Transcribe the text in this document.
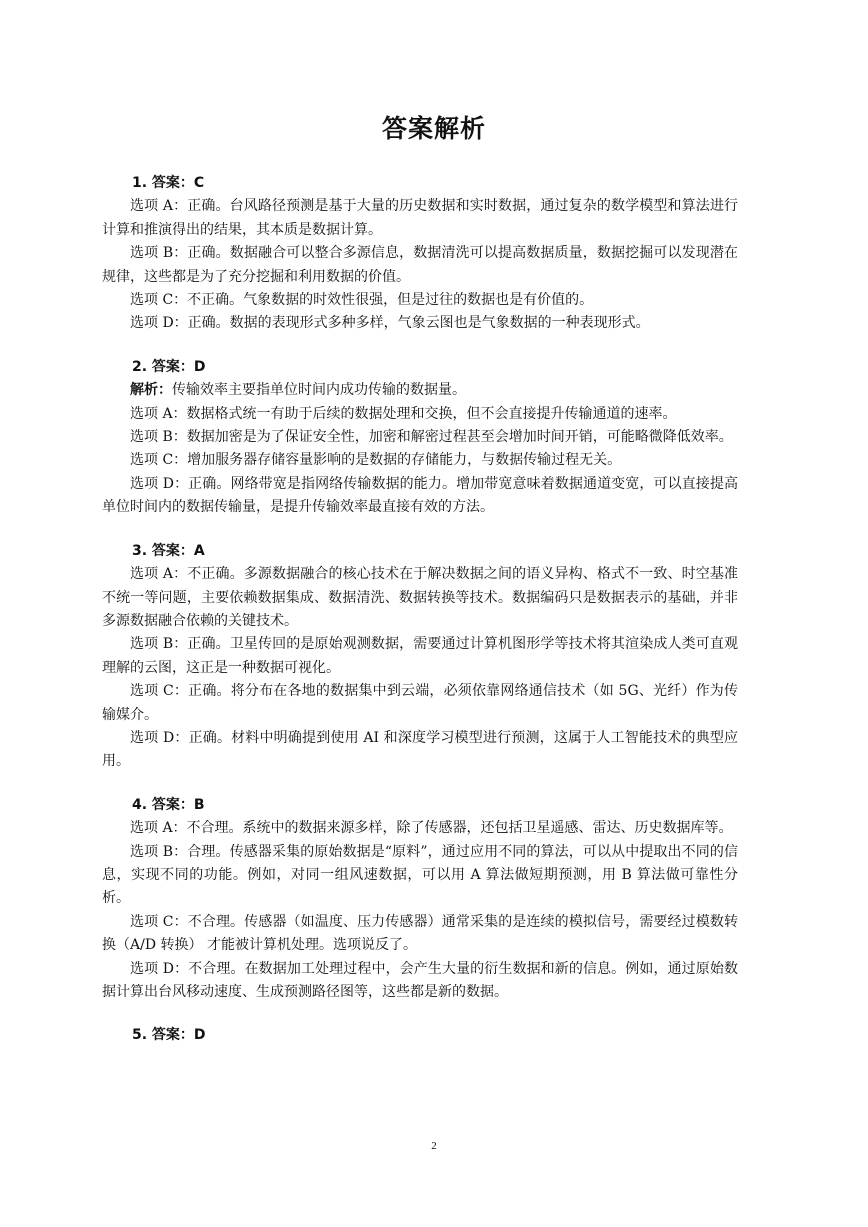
答案解析

1. 答案：C

选项 A：正确。台风路径预测是基于大量的历史数据和实时数据，通过复杂的数学模型和算法进行计算和推演得出的结果，其本质是数据计算。

选项 B：正确。数据融合可以整合多源信息，数据清洗可以提高数据质量，数据挖掘可以发现潜在规律，这些都是为了充分挖掘和利用数据的价值。

选项 C：不正确。气象数据的时效性很强，但是过往的数据也是有价值的。

选项 D：正确。数据的表现形式多种多样，气象云图也是气象数据的一种表现形式。

2. 答案：D

解析：传输效率主要指单位时间内成功传输的数据量。

选项 A：数据格式统一有助于后续的数据处理和交换，但不会直接提升传输通道的速率。

选项 B：数据加密是为了保证安全性，加密和解密过程甚至会增加时间开销，可能略微降低效率。

选项 C：增加服务器存储容量影响的是数据的存储能力，与数据传输过程无关。

选项 D：正确。网络带宽是指网络传输数据的能力。增加带宽意味着数据通道变宽，可以直接提高单位时间内的数据传输量，是提升传输效率最直接有效的方法。

3. 答案：A

选项 A：不正确。多源数据融合的核心技术在于解决数据之间的语义异构、格式不一致、时空基准不统一等问题，主要依赖数据集成、数据清洗、数据转换等技术。数据编码只是数据表示的基础，并非多源数据融合依赖的关键技术。

选项 B：正确。卫星传回的是原始观测数据，需要通过计算机图形学等技术将其渲染成人类可直观理解的云图，这正是一种数据可视化。

选项 C：正确。将分布在各地的数据集中到云端，必须依靠网络通信技术（如 5G、光纤）作为传输媒介。

选项 D：正确。材料中明确提到使用 AI 和深度学习模型进行预测，这属于人工智能技术的典型应用。

4. 答案：B

选项 A：不合理。系统中的数据来源多样，除了传感器，还包括卫星遥感、雷达、历史数据库等。

选项 B：合理。传感器采集的原始数据是“原料”，通过应用不同的算法，可以从中提取出不同的信息，实现不同的功能。例如，对同一组风速数据，可以用 A 算法做短期预测，用 B 算法做可靠性分析。

选项 C：不合理。传感器（如温度、压力传感器）通常采集的是连续的模拟信号，需要经过模数转换（A/D 转换） 才能被计算机处理。选项说反了。

选项 D：不合理。在数据加工处理过程中，会产生大量的衍生数据和新的信息。例如，通过原始数据计算出台风移动速度、生成预测路径图等，这些都是新的数据。

5. 答案：D

2
